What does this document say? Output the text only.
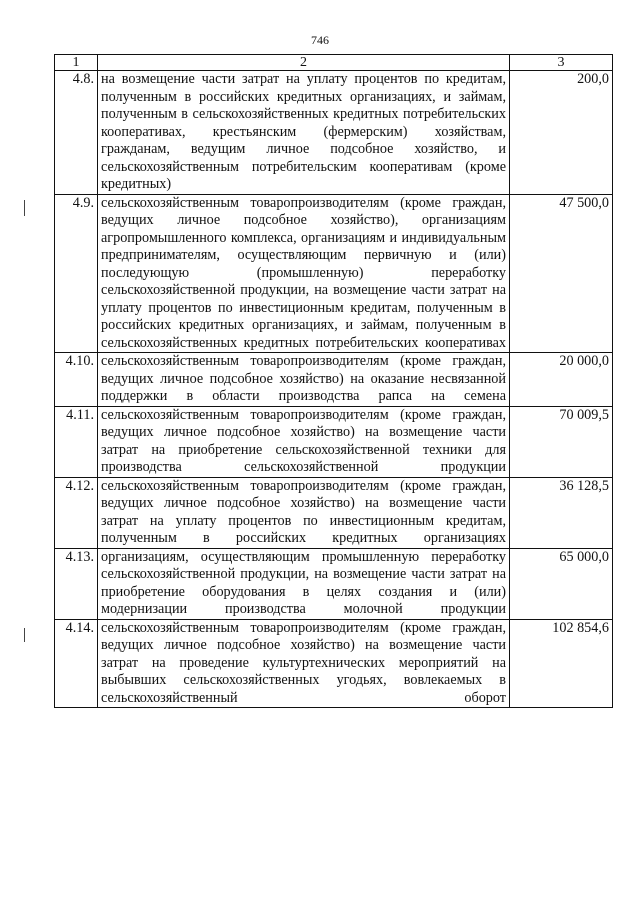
746
1	2	3
4.8.	на возмещение части затрат на уплату процентов по кредитам, полученным в российских кредитных организациях, и займам, полученным в сельскохозяйственных кредитных потребительских кооперативах, крестьянским (фермерским) хозяйствам, гражданам, ведущим личное подсобное хозяйство, и сельскохозяйственным потребительским кооперативам (кроме кредитных)	200,0
4.9.	сельскохозяйственным товаропроизводителям (кроме граждан, ведущих личное подсобное хозяйство), организациям агропромышленного комплекса, организациям и индивидуальным предпринимателям, осуществляющим первичную и (или) последующую (промышленную) переработку сельскохозяйственной продукции, на возмещение части затрат на уплату процентов по инвестиционным кредитам, полученным в российских кредитных организациях, и займам, полученным в сельскохозяйственных кредитных потребительских кооперативах	47 500,0
4.10.	сельскохозяйственным товаропроизводителям (кроме граждан, ведущих личное подсобное хозяйство) на оказание несвязанной поддержки в области производства рапса на семена	20 000,0
4.11.	сельскохозяйственным товаропроизводителям (кроме граждан, ведущих личное подсобное хозяйство) на возмещение части затрат на приобретение сельскохозяйственной техники для производства сельскохозяйственной продукции	70 009,5
4.12.	сельскохозяйственным товаропроизводителям (кроме граждан, ведущих личное подсобное хозяйство) на возмещение части затрат на уплату процентов по инвестиционным кредитам, полученным в российских кредитных организациях	36 128,5
4.13.	организациям, осуществляющим промышленную переработку сельскохозяйственной продукции, на возмещение части затрат на приобретение оборудования в целях создания и (или) модернизации производства молочной продукции	65 000,0
4.14.	сельскохозяйственным товаропроизводителям (кроме граждан, ведущих личное подсобное хозяйство) на возмещение части затрат на проведение культуртехнических мероприятий на выбывших сельскохозяйственных угодьях, вовлекаемых в сельскохозяйственный оборот	102 854,6
